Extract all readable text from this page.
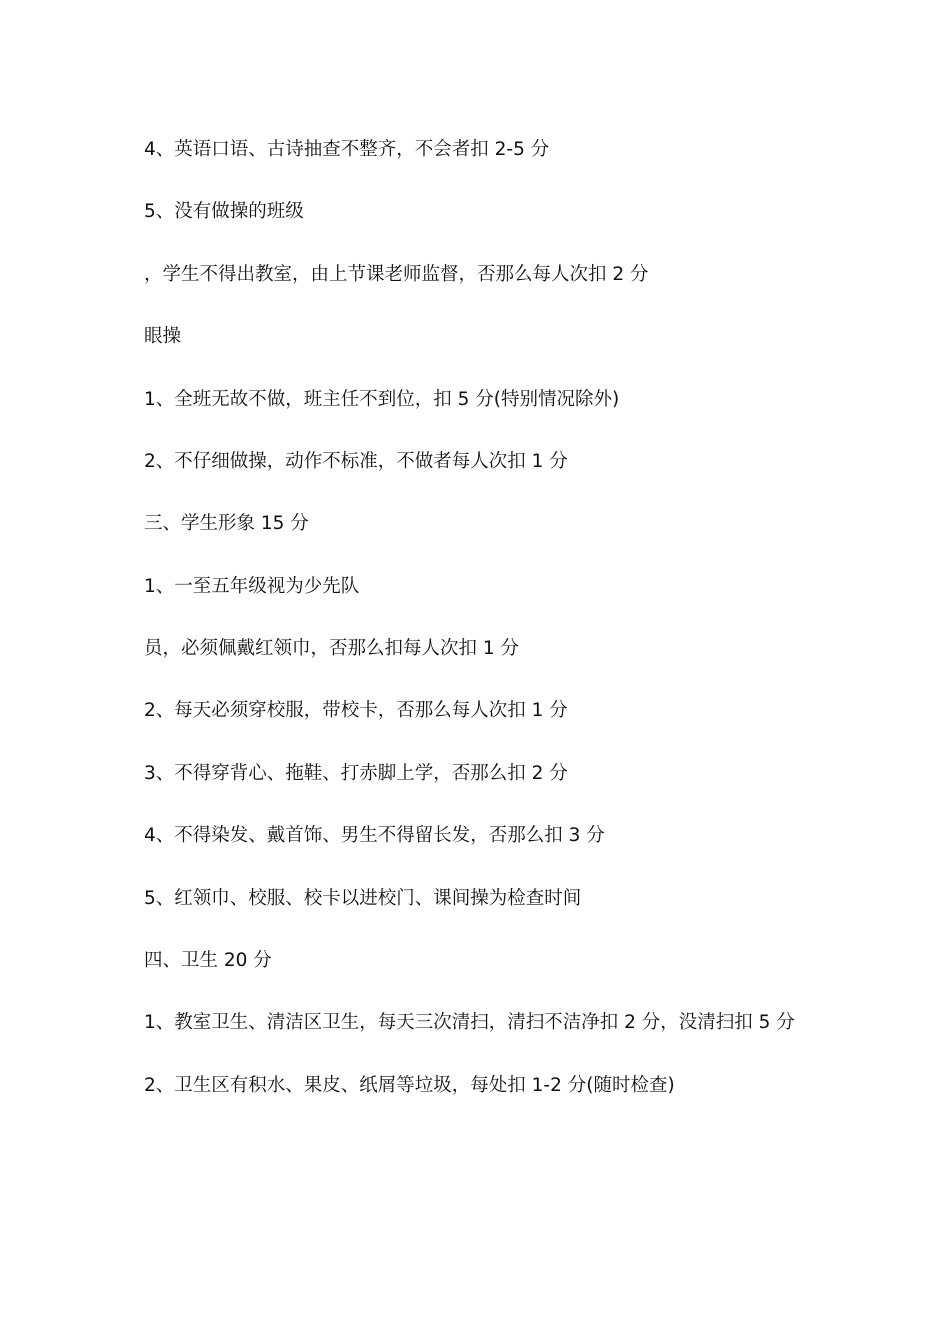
4、英语口语、古诗抽查不整齐，不会者扣 2-5 分

5、没有做操的班级

，学生不得出教室，由上节课老师监督，否那么每人次扣 2 分

眼操

1、全班无故不做，班主任不到位，扣 5 分(特别情况除外)

2、不仔细做操，动作不标准，不做者每人次扣 1 分

三、学生形象 15 分

1、一至五年级视为少先队

员，必须佩戴红领巾，否那么扣每人次扣 1 分

2、每天必须穿校服，带校卡，否那么每人次扣 1 分

3、不得穿背心、拖鞋、打赤脚上学，否那么扣 2 分

4、不得染发、戴首饰、男生不得留长发，否那么扣 3 分

5、红领巾、校服、校卡以进校门、课间操为检查时间

四、卫生 20 分

1、教室卫生、清洁区卫生，每天三次清扫，清扫不洁净扣 2 分，没清扫扣 5 分

2、卫生区有积水、果皮、纸屑等垃圾，每处扣 1-2 分(随时检查)
